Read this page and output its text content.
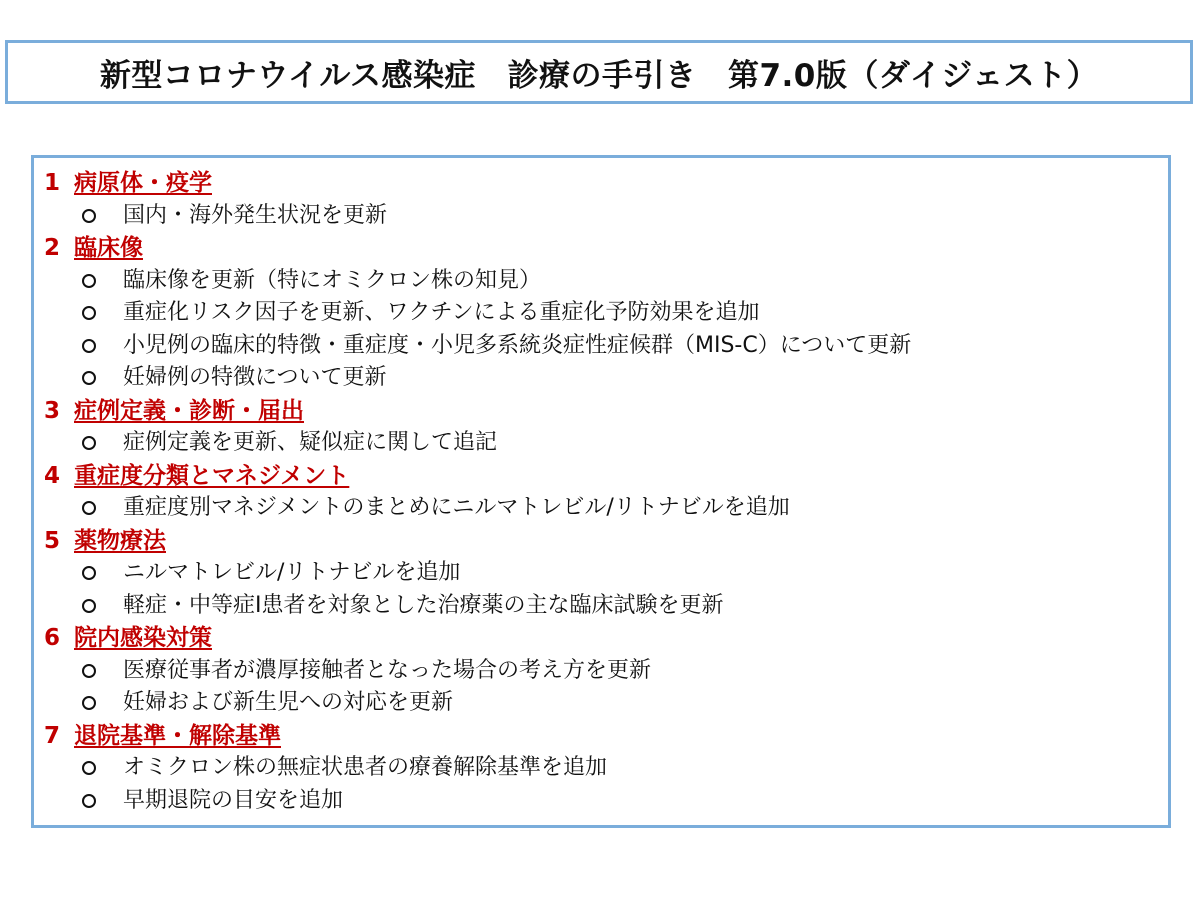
新型コロナウイルス感染症　診療の手引き　第7.0版（ダイジェスト）
1 病原体・疫学
国内・海外発生状況を更新
2 臨床像
臨床像を更新（特にオミクロン株の知見）
重症化リスク因子を更新、ワクチンによる重症化予防効果を追加
小児例の臨床的特徴・重症度・小児多系統炎症性症候群（MIS-C）について更新
妊婦例の特徴について更新
3 症例定義・診断・届出
症例定義を更新、疑似症に関して追記
4 重症度分類とマネジメント
重症度別マネジメントのまとめにニルマトレビル/リトナビルを追加
5 薬物療法
ニルマトレビル/リトナビルを追加
軽症・中等症Ⅰ患者を対象とした治療薬の主な臨床試験を更新
6 院内感染対策
医療従事者が濃厚接触者となった場合の考え方を更新
妊婦および新生児への対応を更新
7 退院基準・解除基準
オミクロン株の無症状患者の療養解除基準を追加
早期退院の目安を追加
